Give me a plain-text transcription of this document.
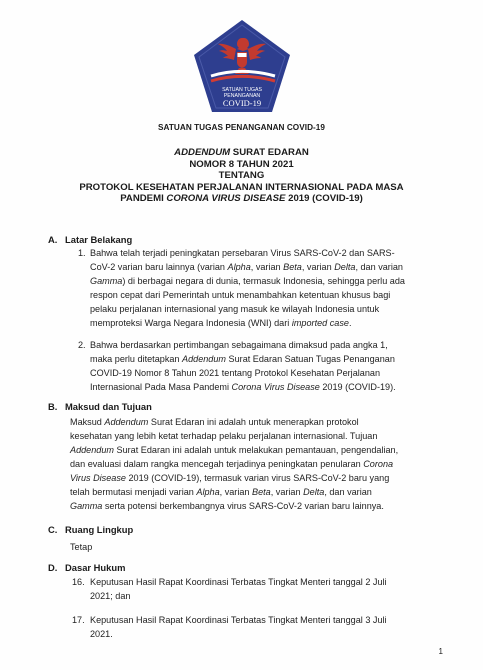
SATUAN TUGAS
PENANGANAN
COVID-19
SATUAN TUGAS PENANGANAN COVID-19
ADDENDUM SURAT EDARAN
NOMOR 8 TAHUN 2021
TENTANG
PROTOKOL KESEHATAN PERJALANAN INTERNASIONAL PADA MASA
PANDEMI CORONA VIRUS DISEASE 2019 (COVID-19)
A. Latar Belakang
1. Bahwa telah terjadi peningkatan persebaran Virus SARS-CoV-2 dan SARS-
CoV-2 varian baru lainnya (varian Alpha, varian Beta, varian Delta, dan varian
Gamma) di berbagai negara di dunia, termasuk Indonesia, sehingga perlu ada
respon cepat dari Pemerintah untuk menambahkan ketentuan khusus bagi
pelaku perjalanan internasional yang masuk ke wilayah Indonesia untuk
memproteksi Warga Negara Indonesia (WNI) dari imported case.
2. Bahwa berdasarkan pertimbangan sebagaimana dimaksud pada angka 1,
maka perlu ditetapkan Addendum Surat Edaran Satuan Tugas Penanganan
COVID-19 Nomor 8 Tahun 2021 tentang Protokol Kesehatan Perjalanan
Internasional Pada Masa Pandemi Corona Virus Disease 2019 (COVID-19).
B. Maksud dan Tujuan
Maksud Addendum Surat Edaran ini adalah untuk menerapkan protokol
kesehatan yang lebih ketat terhadap pelaku perjalanan internasional. Tujuan
Addendum Surat Edaran ini adalah untuk melakukan pemantauan, pengendalian,
dan evaluasi dalam rangka mencegah terjadinya peningkatan penularan Corona
Virus Disease 2019 (COVID-19), termasuk varian virus SARS-CoV-2 baru yang
telah bermutasi menjadi varian Alpha, varian Beta, varian Delta, dan varian
Gamma serta potensi berkembangnya virus SARS-CoV-2 varian baru lainnya.
C. Ruang Lingkup
Tetap
D. Dasar Hukum
16. Keputusan Hasil Rapat Koordinasi Terbatas Tingkat Menteri tanggal 2 Juli
2021; dan
17. Keputusan Hasil Rapat Koordinasi Terbatas Tingkat Menteri tanggal 3 Juli
2021.
1
